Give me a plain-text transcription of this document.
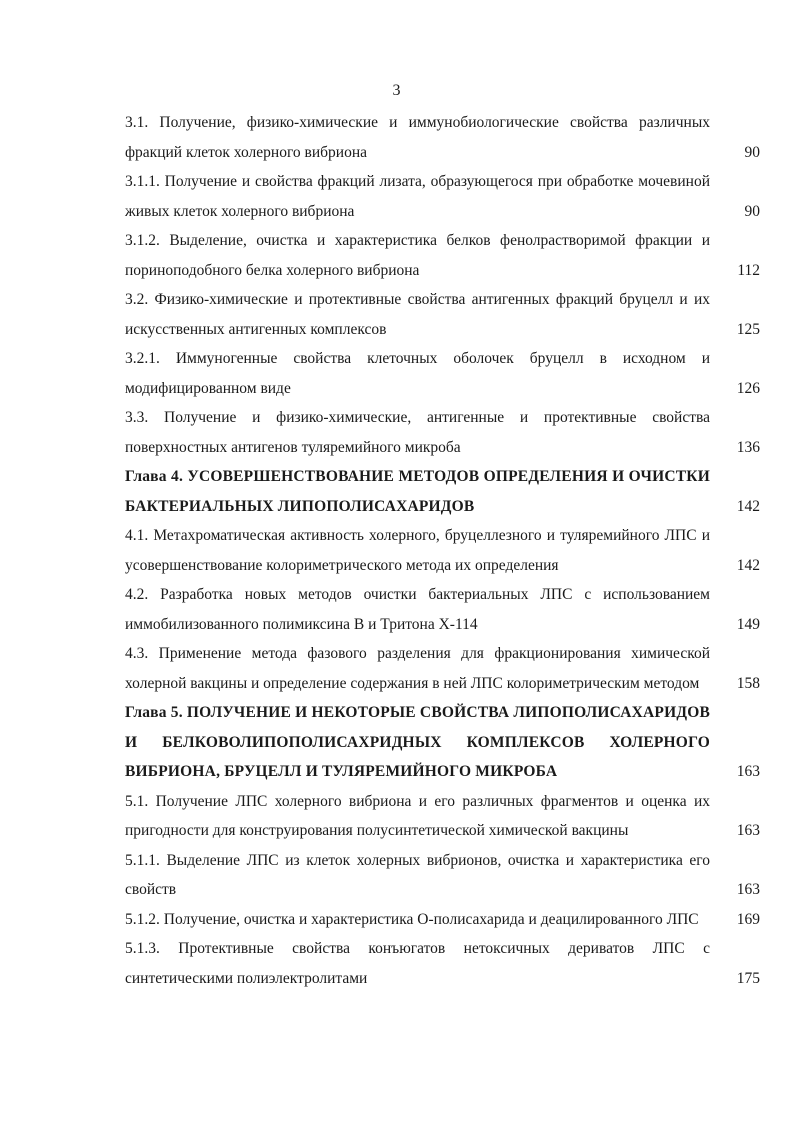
3
3.1. Получение, физико-химические и иммунобиологические свойства различных фракций клеток холерного вибриона	90
3.1.1. Получение и свойства фракций лизата, образующегося при обработке мочевиной живых клеток холерного вибриона	90
3.1.2. Выделение, очистка и характеристика белков фенолрастворимой фракции и поринoподобного белка холерного вибриона	112
3.2. Физико-химические и протективные свойства антигенных фракций бруцелл и их искусственных антигенных комплексов	125
3.2.1. Иммуногенные свойства клеточных оболочек бруцелл в исходном и модифицированном виде	126
3.3. Получение и физико-химические, антигенные и протективные свойства поверхностных антигенов туляремийного микроба	136
Глава 4. УСОВЕРШЕНСТВОВАНИЕ МЕТОДОВ ОПРЕДЕЛЕНИЯ И ОЧИСТКИ БАКТЕРИАЛЬНЫХ ЛИПОПОЛИСАХАРИДОВ	142
4.1. Метахроматическая активность холерного, бруцеллезного и туляремийного ЛПС и усовершенствование колориметрического метода их определения	142
4.2. Разработка новых методов очистки бактериальных ЛПС с использованием иммобилизованного полимиксина В и Тритона Х-114	149
4.3. Применение метода фазового разделения для фракционирования химической холерной вакцины и определение содержания в ней ЛПС колориметрическим методом	158
Глава 5. ПОЛУЧЕНИЕ И НЕКОТОРЫЕ СВОЙСТВА ЛИПОПОЛИСАХАРИДОВ И БЕЛКОВОЛИПОПОЛИСАХРИДНЫХ КОМПЛЕКСОВ ХОЛЕРНОГО ВИБРИОНА, БРУЦЕЛЛ И ТУЛЯРЕМИЙНОГО МИКРОБА	163
5.1. Получение ЛПС холерного вибриона и его различных фрагментов и оценка их пригодности для конструирования полусинтетической химической вакцины	163
5.1.1. Выделение ЛПС из клеток холерных вибрионов, очистка и характеристика его свойств	163
5.1.2. Получение, очистка и характеристика О-полисахарида и деацилированного ЛПС	169
5.1.3. Протективные свойства конъюгатов нетоксичных дериватов ЛПС с синтетическими полиэлектролитами	175
